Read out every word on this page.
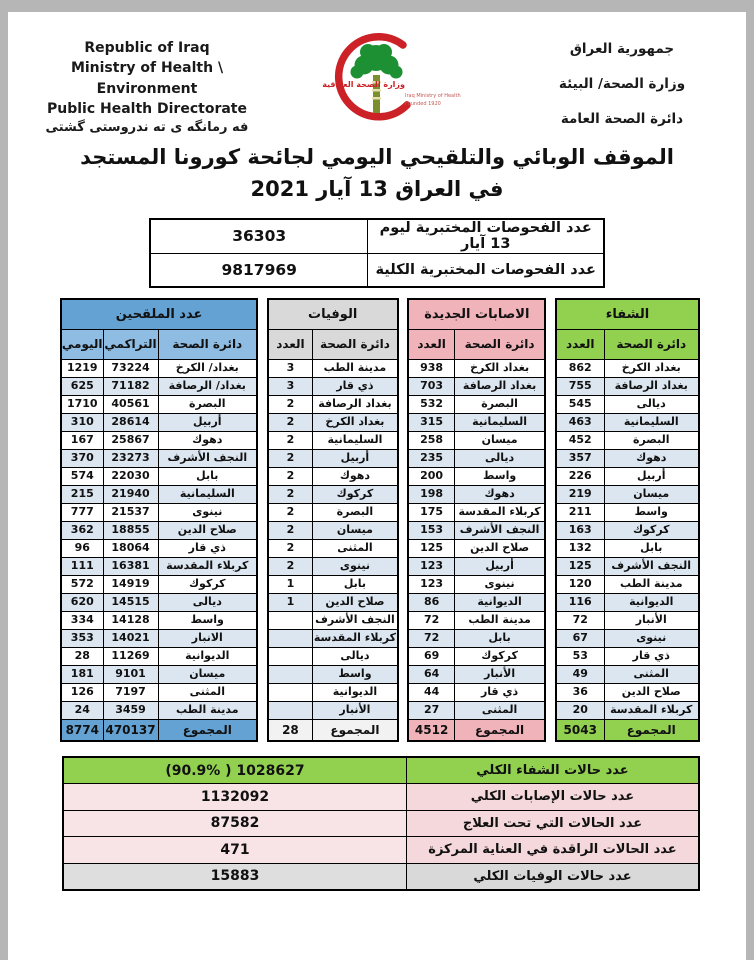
Republic of Iraq
Ministry of Health \ Environment
Public Health Directorate
فه رمانگه ی ته ندروستی گشتی
وزارة الصحة العراقية
Iraq Ministry of Health
Founded 1920
جمهورية العراق
وزارة الصحة/ البيئة
دائرة الصحة العامة
الموقف الوبائي والتلقيحي اليومي لجائحة كورونا المستجد
في العراق 13 آيار 2021
عدد الفحوصات المختبرية ليوم 13 آيار	36303
عدد الفحوصات المختبرية الكلية	9817969
الشفاء	
دائرة الصحة	العدد
بغداد الكرخ	862
بغداد الرصافة	755
ديالى	545
السليمانية	463
البصرة	452
دهوك	357
أربيل	226
ميسان	219
واسط	211
كركوك	163
بابل	132
النجف الأشرف	125
مدينة الطب	120
الديوانية	116
الأنبار	72
نينوى	67
ذي قار	53
المثنى	49
صلاح الدين	36
كربلاء المقدسة	20
المجموع	5043
الاصابات الجديدة	
دائرة الصحة	العدد
بغداد الكرخ	938
بغداد الرصافة	703
البصرة	532
السليمانية	315
ميسان	258
ديالى	235
واسط	200
دهوك	198
كربلاء المقدسة	175
النجف الأشرف	153
صلاح الدين	125
أربيل	123
نينوى	123
الديوانية	86
مدينة الطب	72
بابل	72
كركوك	69
الأنبار	64
ذي قار	44
المثنى	27
المجموع	4512
الوفيات	
دائرة الصحة	العدد
مدينة الطب	3
ذي قار	3
بغداد الرصافة	2
بغداد الكرخ	2
السليمانية	2
أربيل	2
دهوك	2
كركوك	2
البصرة	2
ميسان	2
المثنى	2
نينوى	2
بابل	1
صلاح الدين	1
النجف الأشرف	
كربلاء المقدسة	
ديالى	
واسط	
الديوانية	
الأنبار	
المجموع	28
عدد الملقحين		
دائرة الصحة	التراكمي	اليومي
بغداد/ الكرخ	73224	1219
بغداد/ الرصافة	71182	625
البصرة	40561	1710
أربيل	28614	310
دهوك	25867	167
النجف الأشرف	23273	370
بابل	22030	574
السليمانية	21940	215
نينوى	21537	777
صلاح الدين	18855	362
ذي قار	18064	96
كربلاء المقدسة	16381	111
كركوك	14919	572
ديالى	14515	620
واسط	14128	334
الانبار	14021	353
الديوانية	11269	28
ميسان	9101	181
المثنى	7197	126
مدينة الطب	3459	24
المجموع	470137	8774
عدد حالات الشفاء الكلي	(90.9% ) 1028627
عدد حالات الإصابات الكلي	1132092
عدد الحالات التي تحت العلاج	87582
عدد الحالات الراقدة في العناية المركزة	471
عدد حالات الوفيات الكلي	15883
